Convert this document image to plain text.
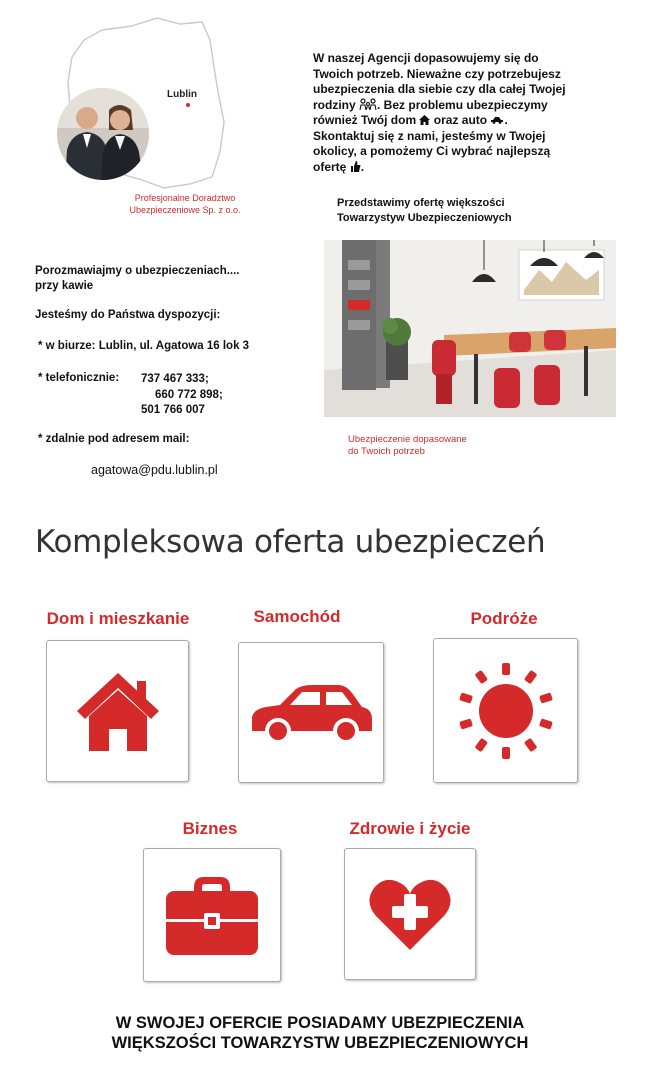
Lublin
Profesjonalne Doradztwo
Ubezpieczeniowe Sp. z o.o.
W naszej Agencji dopasowujemy się do
Twoich potrzeb. Nieważne czy potrzebujesz
ubezpieczenia dla siebie czy dla całej Twojej
rodziny . Bez problemu ubezpieczymy
również Twój dom oraz auto .
Skontaktuj się z nami, jesteśmy w Twojej
okolicy, a pomożemy Ci wybrać najlepszą
ofertę .
Przedstawimy ofertę większości
Towarzystyw Ubezpieczeniowych
Ubezpieczenie dopasowane
do Twoich potrzeb
Porozmawiajmy o ubezpieczeniach....
przy kawie
Jesteśmy do Państwa dyspozycji:
* w biurze: Lublin, ul. Agatowa 16 lok 3
* telefonicznie: 737 467 333;
660 772 898;
501 766 007
* zdalnie pod adresem mail:
agatowa@pdu.lublin.pl
Kompleksowa oferta ubezpieczeń
Dom i mieszkanie	Samochód	Podróże
Biznes	Zdrowie i życie
W SWOJEJ OFERCIE POSIADAMY UBEZPIECZENIA
WIĘKSZOŚCI TOWARZYSTW UBEZPIECZENIOWYCH
